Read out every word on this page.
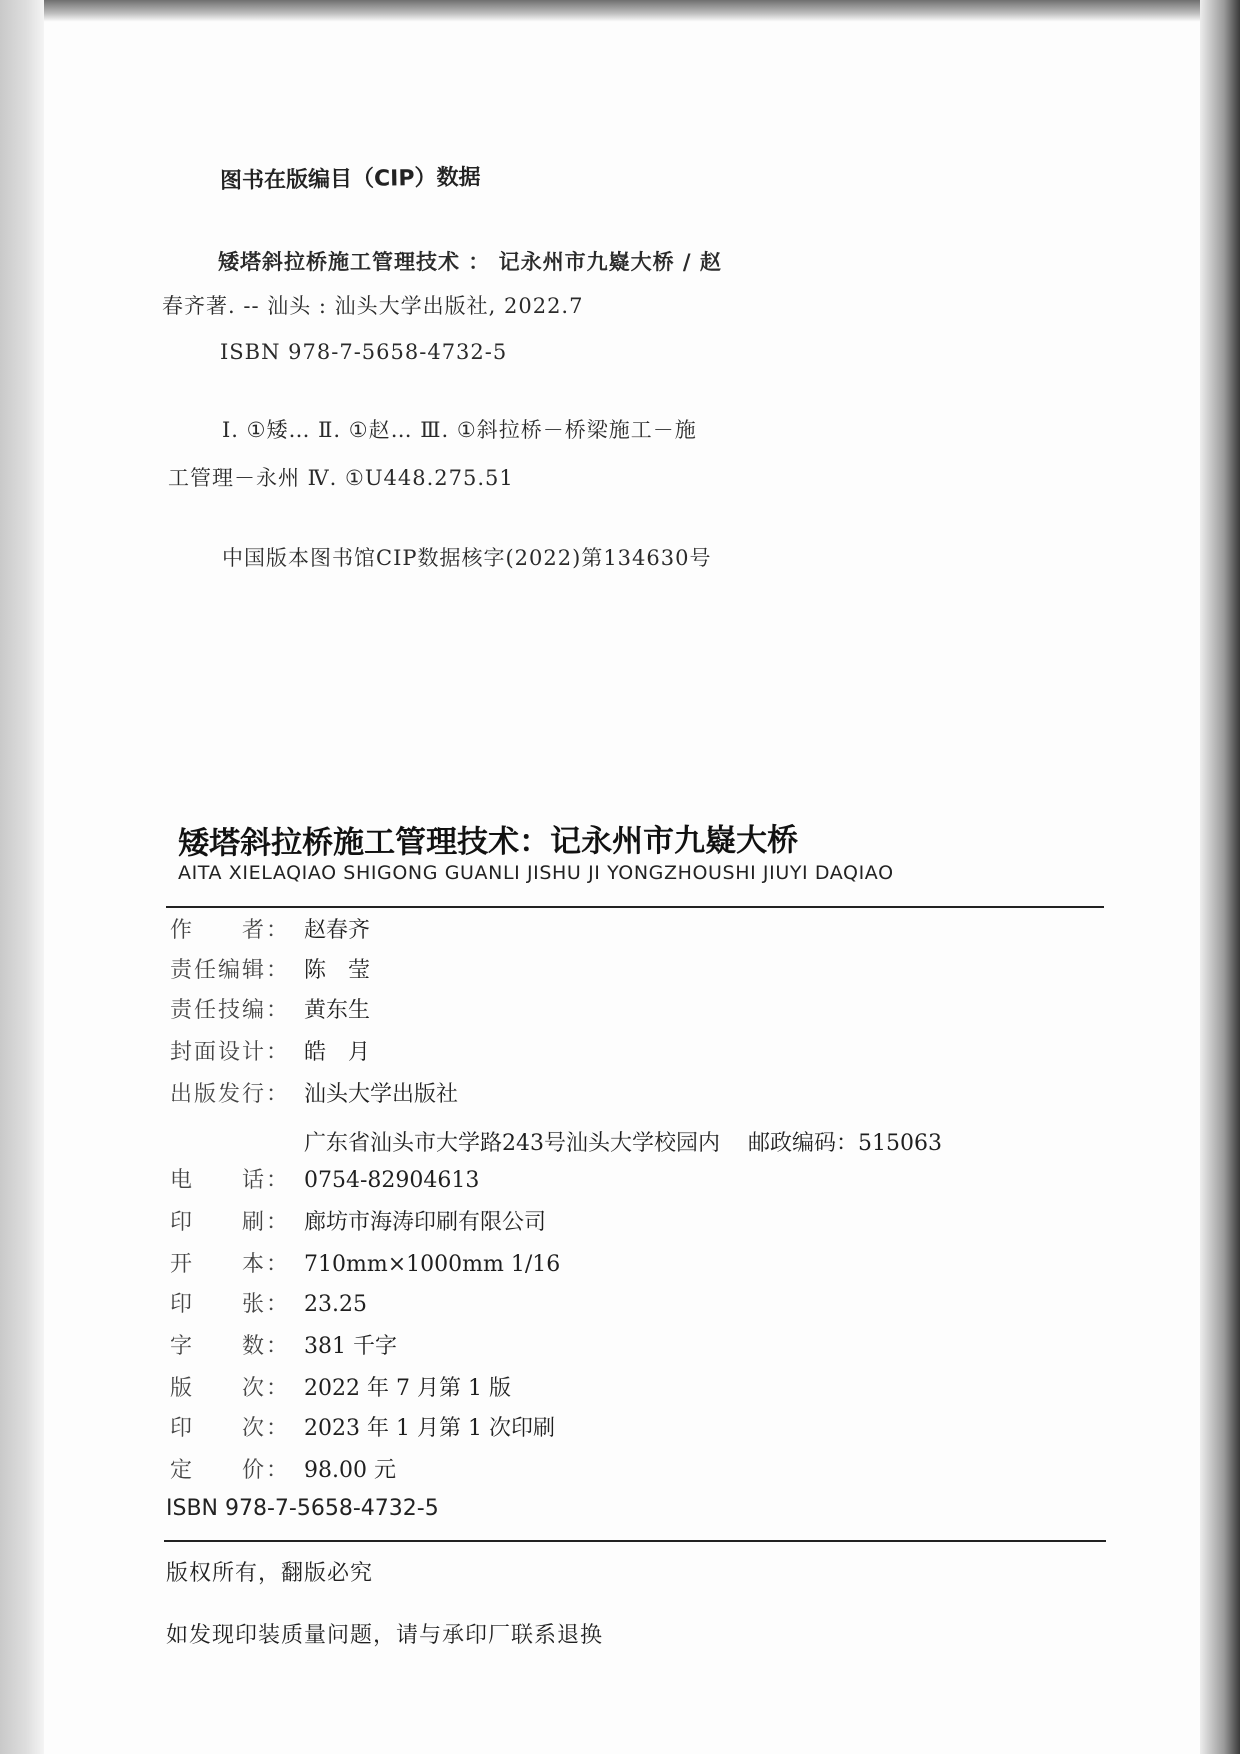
图书在版编目（CIP）数据
矮塔斜拉桥施工管理技术 ： 记永州市九嶷大桥 / 赵
春齐著. -- 汕头 : 汕头大学出版社, 2022.7
ISBN 978-7-5658-4732-5
Ⅰ. ①矮… Ⅱ. ①赵… Ⅲ. ①斜拉桥－桥梁施工－施
工管理－永州 Ⅳ. ①U448.275.51
中国版本图书馆CIP数据核字(2022)第134630号
矮塔斜拉桥施工管理技术：记永州市九嶷大桥
AITA XIELAQIAO SHIGONG GUANLI JISHU JI YONGZHOUSHI JIUYI DAQIAO
作　　者： 赵春齐
责任编辑： 陈　莹
责任技编： 黄东生
封面设计： 皓　月
出版发行： 汕头大学出版社
广东省汕头市大学路243号汕头大学校园内 邮政编码：515063
电　　话： 0754-82904613
印　　刷： 廊坊市海涛印刷有限公司
开　　本： 710mm×1000mm 1/16
印　　张： 23.25
字　　数： 381 千字
版　　次： 2022 年 7 月第 1 版
印　　次： 2023 年 1 月第 1 次印刷
定　　价： 98.00 元
ISBN 978-7-5658-4732-5
版权所有，翻版必究
如发现印装质量问题，请与承印厂联系退换
